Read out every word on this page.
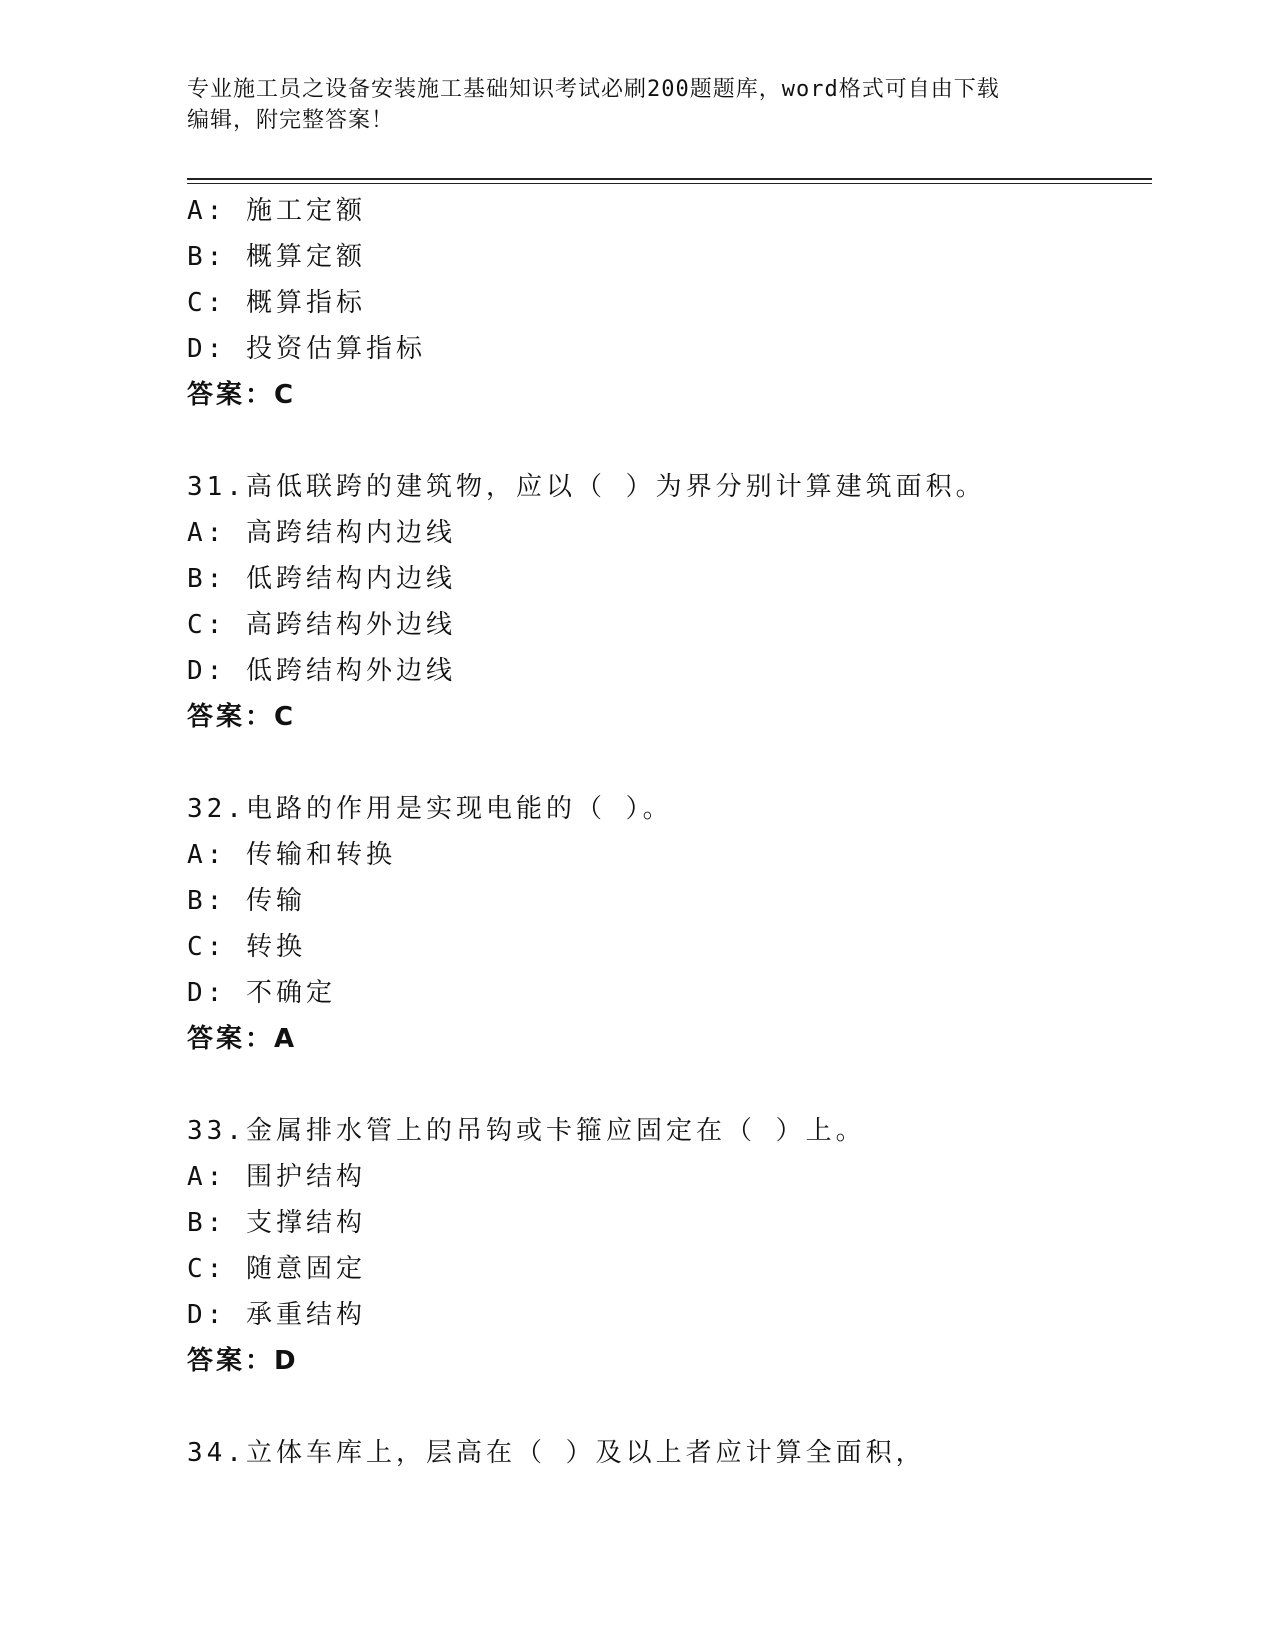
专业施工员之设备安装施工基础知识考试必刷200题题库，word格式可自由下载
编辑，附完整答案！
A: 施工定额
B: 概算定额
C: 概算指标
D: 投资估算指标
答案：C
31.高低联跨的建筑物，应以（ ）为界分别计算建筑面积。
A: 高跨结构内边线
B: 低跨结构内边线
C: 高跨结构外边线
D: 低跨结构外边线
答案：C
32.电路的作用是实现电能的（ ）。
A: 传输和转换
B: 传输
C: 转换
D: 不确定
答案：A
33.金属排水管上的吊钩或卡箍应固定在（ ）上。
A: 围护结构
B: 支撑结构
C: 随意固定
D: 承重结构
答案：D
34.立体车库上，层高在（ ）及以上者应计算全面积，
